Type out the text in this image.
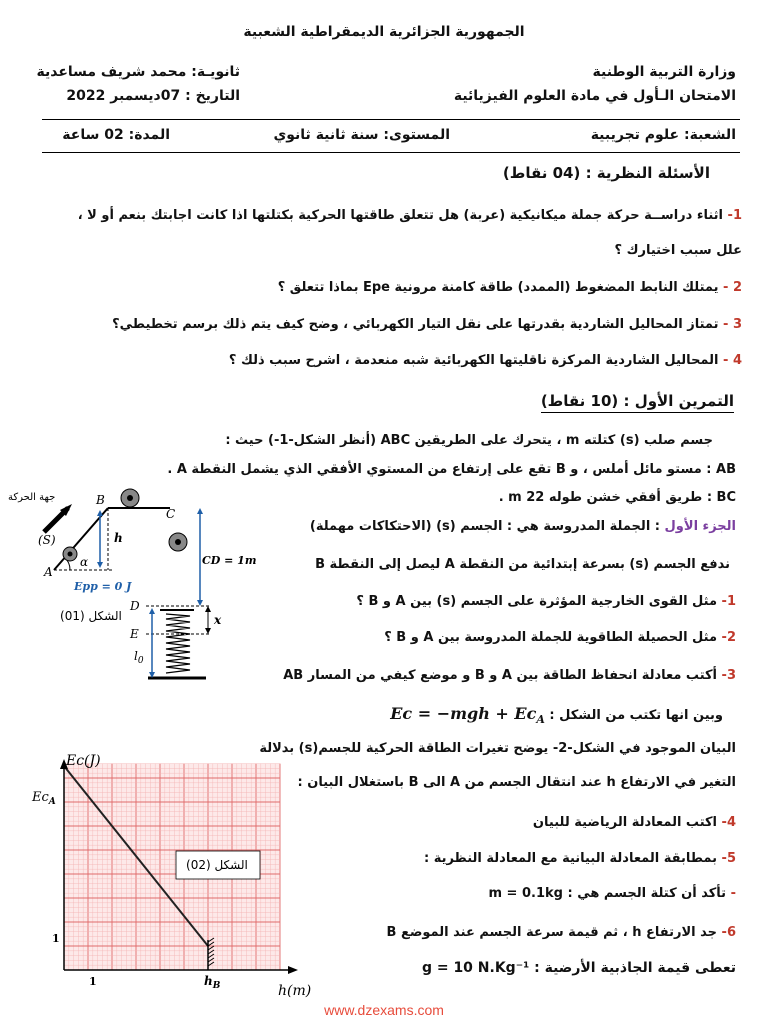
الجمهورية الجزائرية الديمقراطية الشعبية
وزارة التربية الوطنية
الامتحان الـأول في مادة العلوم الفيزيائية
ثانويـة: محمد شريف مساعدية
التاريخ : 07ديسمبر 2022
الشعبة: علوم تجريبية
المستوى: سنة ثانية ثانوي
المدة: 02 ساعة
الأسئلة النظرية : (04 نقاط)
1- اثناء دراســة حركة جملة ميكانيكية (عربة) هل تتعلق طاقتها الحركية بكتلتها اذا كانت اجابتك بنعم أو لا ،
علل سبب اختيارك ؟
2 - يمتلك النابط المضغوط (الممدد) طاقة كامنة مرونية Epe بماذا تتعلق ؟
3 - تمتاز المحاليل الشاردية بقدرتها على نقل التيار الكهربائي ، وضح كيف يتم ذلك برسم تخطيطي؟
4 - المحاليل الشاردية المركزة ناقليتها الكهربائية شبه منعدمة ، اشرح سبب ذلك ؟
التمرين الأول : (10 نقاط)
جسم صلب (s) كتلته m ، يتحرك على الطريقين ABC (أنظر الشكل-1-) حيث :
AB : مستو مائل أملس ، و B تقع على إرتفاع من المستوي الأفقي الذي يشمل النقطة A .
BC : طريق أفقي خشن طوله 22 m .
الجزء الأول : الجملة المدروسة هي : الجسم (s) (الاحتكاكات مهملة)
ندفع الجسم (s) بسرعة إبتدائية من النقطة A ليصل إلى النقطة B
1- مثل القوى الخارجية المؤثرة على الجسم (s) بين A و B ؟
2- مثل الحصيلة الطاقوية للجملة المدروسة بين A و B ؟
3- أكتب معادلة انحفاظ الطاقة بين A و B و موضع كيفي من المسار AB
وبين انها تكتب من الشكل : $Ec = -mgh + Ec_A$
البيان الموجود في الشكل-2- يوضح تغيرات الطاقة الحركية للجسم(s) بدلالة
التغير في الارتفاع h عند انتقال الجسم من A الى B باستغلال البيان :
4- اكتب المعادلة الرياضية للبيان
5- بمطابقة المعادلة البيانية مع المعادلة النظرية :
- تأكد أن كتلة الجسم هي : m = 0.1kg
6- جد الارتفاع h ، ثم قيمة سرعة الجسم عند الموضع B
تعطى قيمة الجاذبية الأرضية : g = 10 N.Kg⁻¹
جهة الحركة
α
(S)
A
B
C
h
Epp = 0 J
CD = 1m
x
D
E
$l_0$
الشكل (01)
Ec(J)
$Ec_A$
1
1	$h_B$	h(m)
الشكل (02)
www.dzexams.com
